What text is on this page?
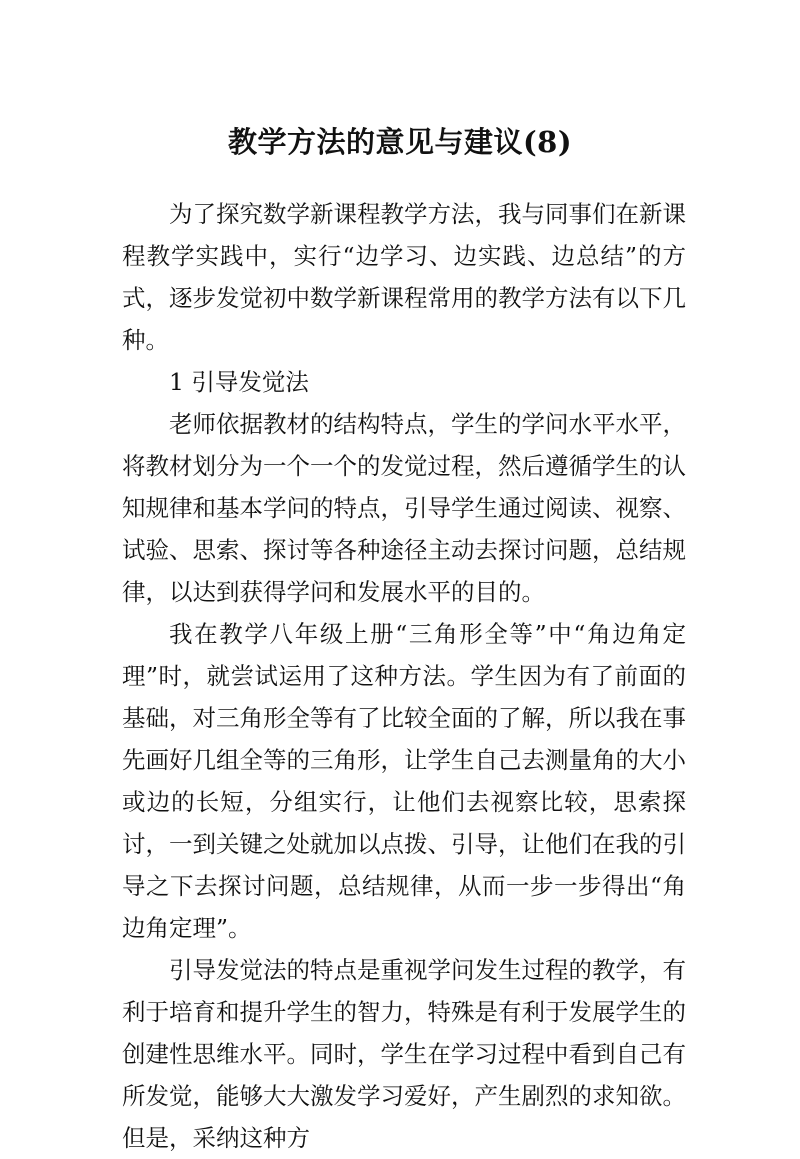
教学方法的意见与建议(8)

为了探究数学新课程教学方法，我与同事们在新课程教学实践中，实行“边学习、边实践、边总结”的方式，逐步发觉初中数学新课程常用的教学方法有以下几种。

1 引导发觉法

老师依据教材的结构特点，学生的学问水平水平，将教材划分为一个一个的发觉过程，然后遵循学生的认知规律和基本学问的特点，引导学生通过阅读、视察、试验、思索、探讨等各种途径主动去探讨问题，总结规律，以达到获得学问和发展水平的目的。

我在教学八年级上册“三角形全等”中“角边角定理”时，就尝试运用了这种方法。学生因为有了前面的基础，对三角形全等有了比较全面的了解，所以我在事先画好几组全等的三角形，让学生自己去测量角的大小或边的长短，分组实行，让他们去视察比较，思索探讨，一到关键之处就加以点拨、引导，让他们在我的引导之下去探讨问题，总结规律，从而一步一步得出“角边角定理”。

引导发觉法的特点是重视学问发生过程的教学，有利于培育和提升学生的智力，特殊是有利于发展学生的创建性思维水平。同时，学生在学习过程中看到自己有所发觉，能够大大激发学习爱好，产生剧烈的求知欲。但是，采纳这种方
